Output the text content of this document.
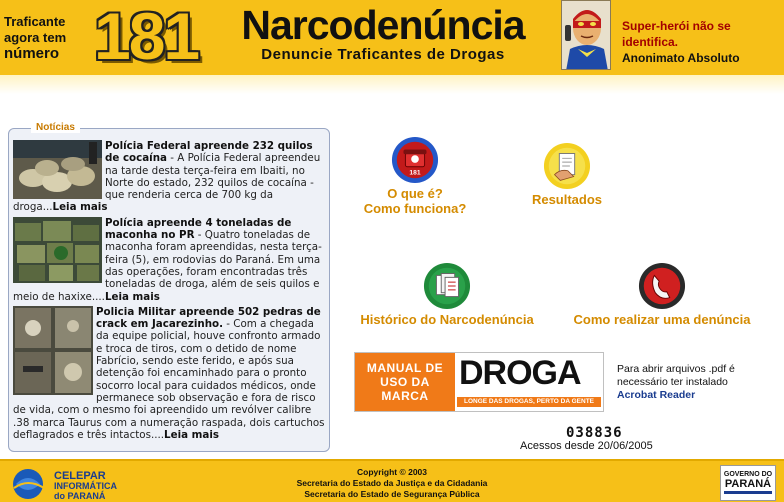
Traficante
agora tem
número 181 Narcodenúncia
Denuncie Traficantes de Drogas
Super-herói não se
identifica.
Anonimato Absoluto
Notícias
Polícia Federal apreende 232 quilos de cocaína - A Polícia Federal apreendeu na tarde desta terça-feira em Ibaiti, no Norte do estado, 232 quilos de cocaína - que renderia cerca de 700 kg da droga...Leia mais
Polícia apreende 4 toneladas de maconha no PR - Quatro toneladas de maconha foram apreendidas, nesta terça-feira (5), em rodovias do Paraná. Em uma das operações, foram encontradas três toneladas de droga, além de seis quilos e meio de haxixe....Leia mais
Policia Militar apreende 502 pedras de crack em Jacarezinho. - Com a chegada da equipe policial, houve confronto armado e troca de tiros, com o detido de nome Fabrício, sendo este ferido, e após sua detenção foi encaminhado para o pronto socorro local para cuidados médicos, onde permanece sob observação e fora de risco de vida, com o mesmo foi apreendido um revólver calibre .38 marca Taurus com a numeração raspada, dois cartuchos deflagrados e três intactos....Leia mais
181
O que é?
Como funciona?
Resultados
Histórico do Narcodenúncia	Como realizar uma denúncia
MANUAL DE
USO DA MARCA
DROGA
LONGE DAS DROGAS, PERTO DA GENTE
Para abrir arquivos .pdf é
necessário ter instalado
Acrobat Reader
038836
Acessos desde 20/06/2005
CELEPAR
INFORMÁTICA
do PARANÁ
Copyright © 2003
Secretaria do Estado da Justiça e da Cidadania
Secretaria do Estado de Segurança Pública
GOVERNO DO
PARANÁ
